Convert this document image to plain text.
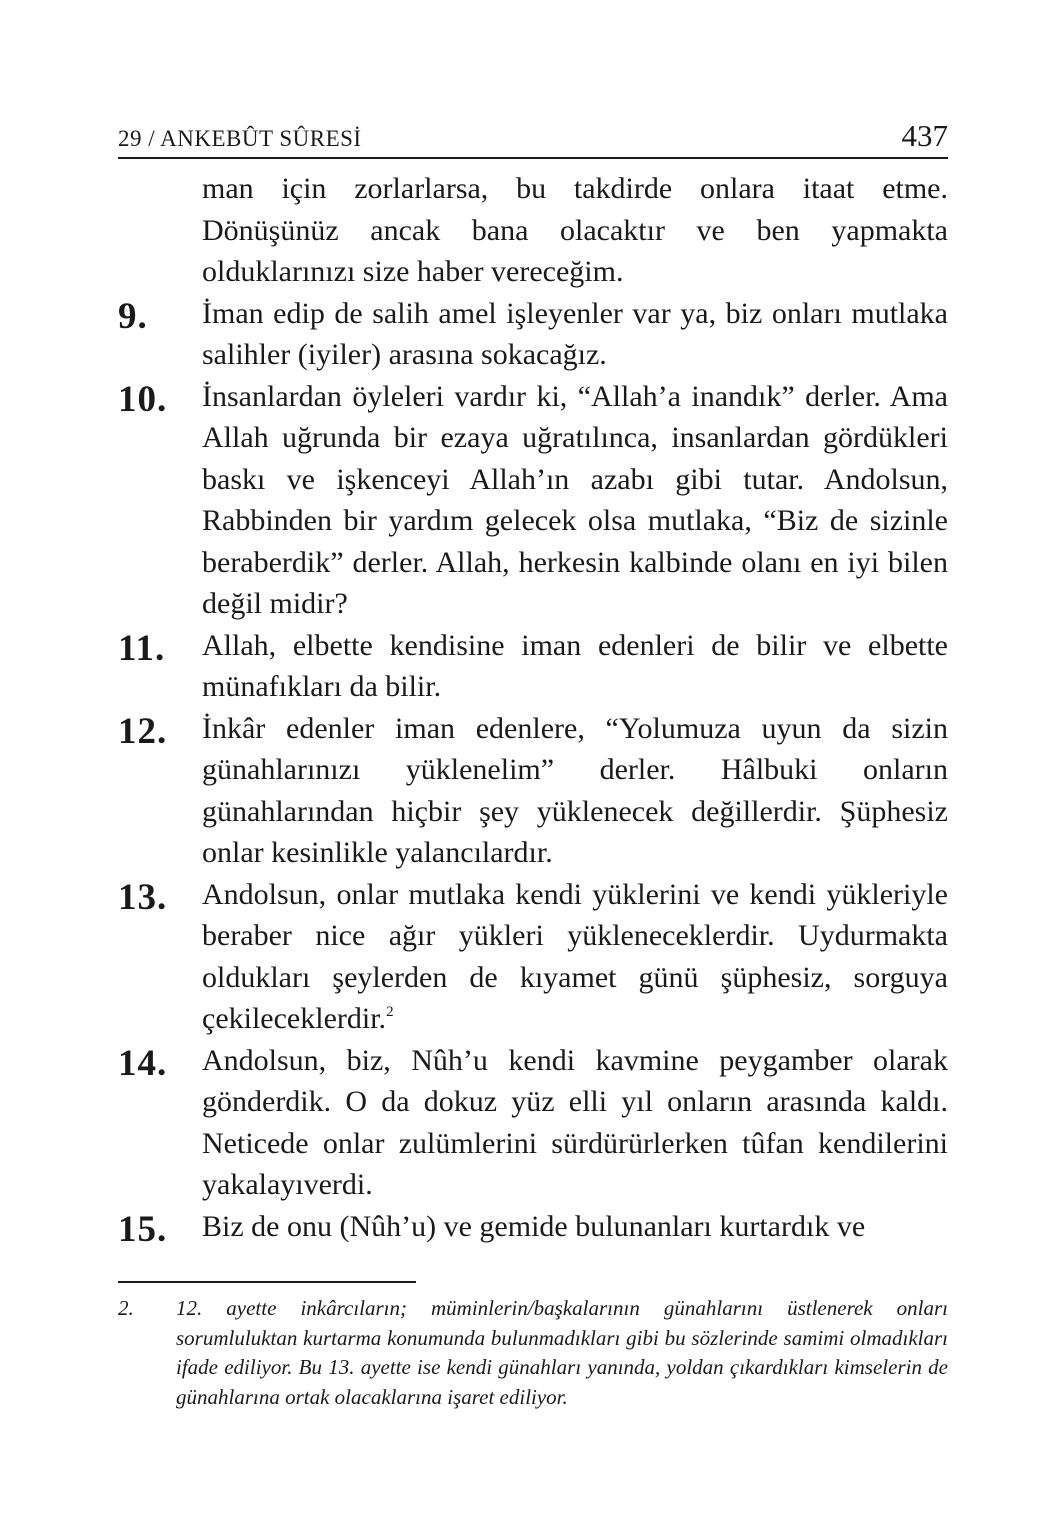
29 / ANKEBÛT SÛRESİ	437
man için zorlarlarsa, bu takdirde onlara itaat etme. Dönüşünüz ancak bana olacaktır ve ben yapmakta olduklarınızı size haber vereceğim.
9. İman edip de salih amel işleyenler var ya, biz onları mutlaka salihler (iyiler) arasına sokacağız.
10. İnsanlardan öyleleri vardır ki, “Allah’a inandık” derler. Ama Allah uğrunda bir ezaya uğratılınca, insanlardan gördükleri baskı ve işkenceyi Allah’ın azabı gibi tutar. Andolsun, Rabbinden bir yardım gelecek olsa mutlaka, “Biz de sizinle beraberdik” derler. Allah, herkesin kalbinde olanı en iyi bilen değil midir?
11. Allah, elbette kendisine iman edenleri de bilir ve elbette münafıkları da bilir.
12. İnkâr edenler iman edenlere, “Yolumuza uyun da sizin günahlarınızı yüklenelim” derler. Hâlbuki onların günahlarından hiçbir şey yüklenecek değillerdir. Şüphesiz onlar kesinlikle yalancılardır.
13. Andolsun, onlar mutlaka kendi yüklerini ve kendi yükleriyle beraber nice ağır yükleri yükleneceklerdir. Uydurmakta oldukları şeylerden de kıyamet günü şüphesiz, sorguya çekileceklerdir.$^2$
14. Andolsun, biz, Nûh’u kendi kavmine peygamber olarak gönderdik. O da dokuz yüz elli yıl onların arasında kaldı. Neticede onlar zulümlerini sürdürürlerken tûfan kendilerini yakalayıverdi.
15. Biz de onu (Nûh’u) ve gemide bulunanları kurtardık ve
2. 12. ayette inkârcıların; müminlerin/başkalarının günahlarını üstlenerek onları sorumluluktan kurtarma konumunda bulunmadıkları gibi bu sözlerinde samimi olmadıkları ifade ediliyor. Bu 13. ayette ise kendi günahları yanında, yoldan çıkardıkları kimselerin de günahlarına ortak olacaklarına işaret ediliyor.
